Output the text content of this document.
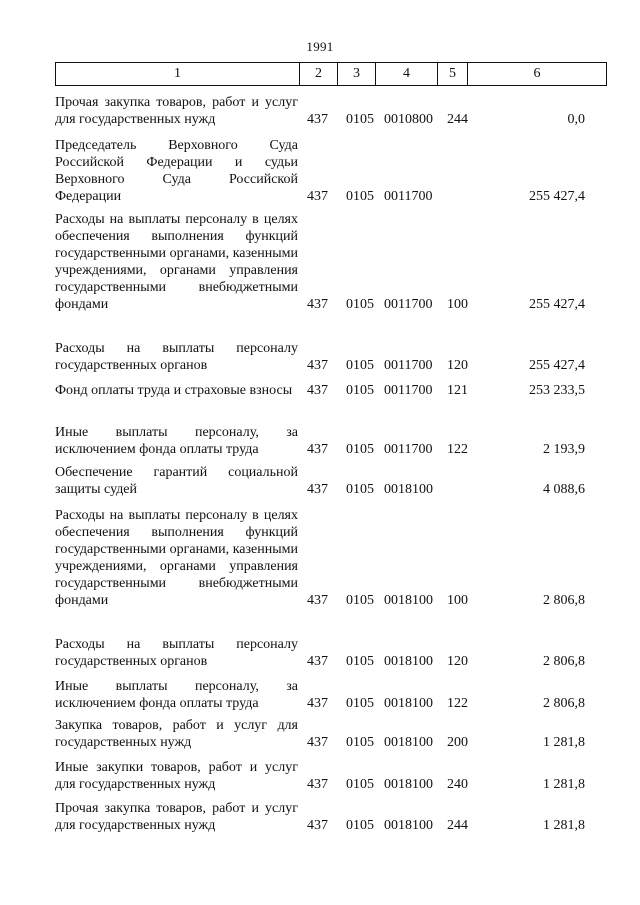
1991
1	2	3	4	5	6
Прочая закупка товаров, работ и услуг для государственных нужд	437 0105 0010800 244	0,0
Председатель Верховного Суда Российской Федерации и судьи Верховного Суда Российской Федерации	437 0105 0011700	255 427,4
Расходы на выплаты персоналу в целях обеспечения выполнения функций государственными органами, казенными учреждениями, органами управления государственными внебюджетными фондами	437 0105 0011700 100	255 427,4
Расходы на выплаты персоналу государственных органов	437 0105 0011700 120	255 427,4
Фонд оплаты труда и страховые взносы	437 0105 0011700 121	253 233,5
Иные выплаты персоналу, за исключением фонда оплаты труда	437 0105 0011700 122	2 193,9
Обеспечение гарантий социальной защиты судей	437 0105 0018100	4 088,6
Расходы на выплаты персоналу в целях обеспечения выполнения функций государственными органами, казенными учреждениями, органами управления государственными внебюджетными фондами	437 0105 0018100 100	2 806,8
Расходы на выплаты персоналу государственных органов	437 0105 0018100 120	2 806,8
Иные выплаты персоналу, за исключением фонда оплаты труда	437 0105 0018100 122	2 806,8
Закупка товаров, работ и услуг для государственных нужд	437 0105 0018100 200	1 281,8
Иные закупки товаров, работ и услуг для государственных нужд	437 0105 0018100 240	1 281,8
Прочая закупка товаров, работ и услуг для государственных нужд	437 0105 0018100 244	1 281,8
